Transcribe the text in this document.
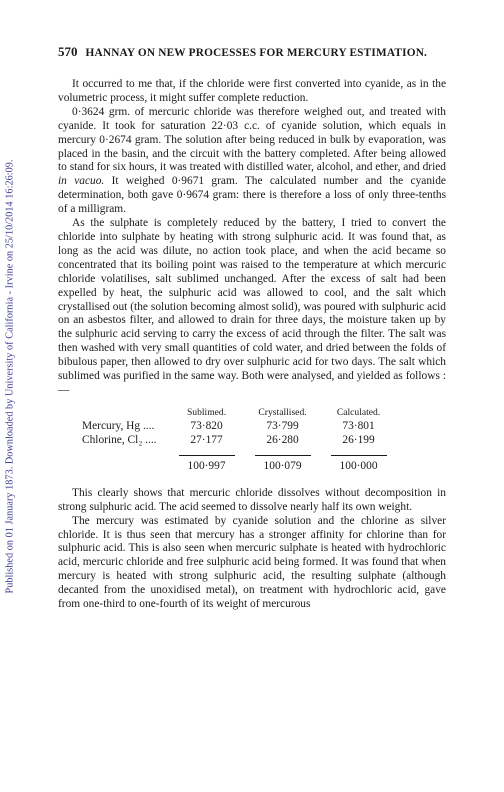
Published on 01 January 1873. Downloaded by University of California - Irvine on 25/10/2014 16:26:09.
570 HANNAY ON NEW PROCESSES FOR MERCURY ESTIMATION.

It occurred to me that, if the chloride were first converted into cyanide, as in the volumetric process, it might suffer complete reduction.

0·3624 grm. of mercuric chloride was therefore weighed out, and treated with cyanide. It took for saturation 22·03 c.c. of cyanide solution, which equals in mercury 0·2674 gram. The solution after being reduced in bulk by evaporation, was placed in the basin, and the circuit with the battery completed. After being allowed to stand for six hours, it was treated with distilled water, alcohol, and ether, and dried in vacuo. It weighed 0·9671 gram. The calculated number and the cyanide determination, both gave 0·9674 gram: there is therefore a loss of only three-tenths of a milligram.

As the sulphate is completely reduced by the battery, I tried to convert the chloride into sulphate by heating with strong sulphuric acid. It was found that, as long as the acid was dilute, no action took place, and when the acid became so concentrated that its boiling point was raised to the temperature at which mercuric chloride volatilises, salt sublimed unchanged. After the excess of salt had been expelled by heat, the sulphuric acid was allowed to cool, and the salt which crystallised out (the solution becoming almost solid), was poured with sulphuric acid on an asbestos filter, and allowed to drain for three days, the moisture taken up by the sulphuric acid serving to carry the excess of acid through the filter. The salt was then washed with very small quantities of cold water, and dried between the folds of bibulous paper, then allowed to dry over sulphuric acid for two days. The salt which sublimed was purified in the same way. Both were analysed, and yielded as follows :—

	Sublimed.	Crystallised.	Calculated.
Mercury, Hg ....	73·820	73·799	73·801
Chlorine, Cl₂ ....	27·177	26·280	26·199
	100·997	100·079	100·000

This clearly shows that mercuric chloride dissolves without decomposition in strong sulphuric acid. The acid seemed to dissolve nearly half its own weight.

The mercury was estimated by cyanide solution and the chlorine as silver chloride. It is thus seen that mercury has a stronger affinity for chlorine than for sulphuric acid. This is also seen when mercuric sulphate is heated with hydrochloric acid, mercuric chloride and free sulphuric acid being formed. It was found that when mercury is heated with strong sulphuric acid, the resulting sulphate (although decanted from the unoxidised metal), on treatment with hydrochloric acid, gave from one-third to one-fourth of its weight of mercurous
